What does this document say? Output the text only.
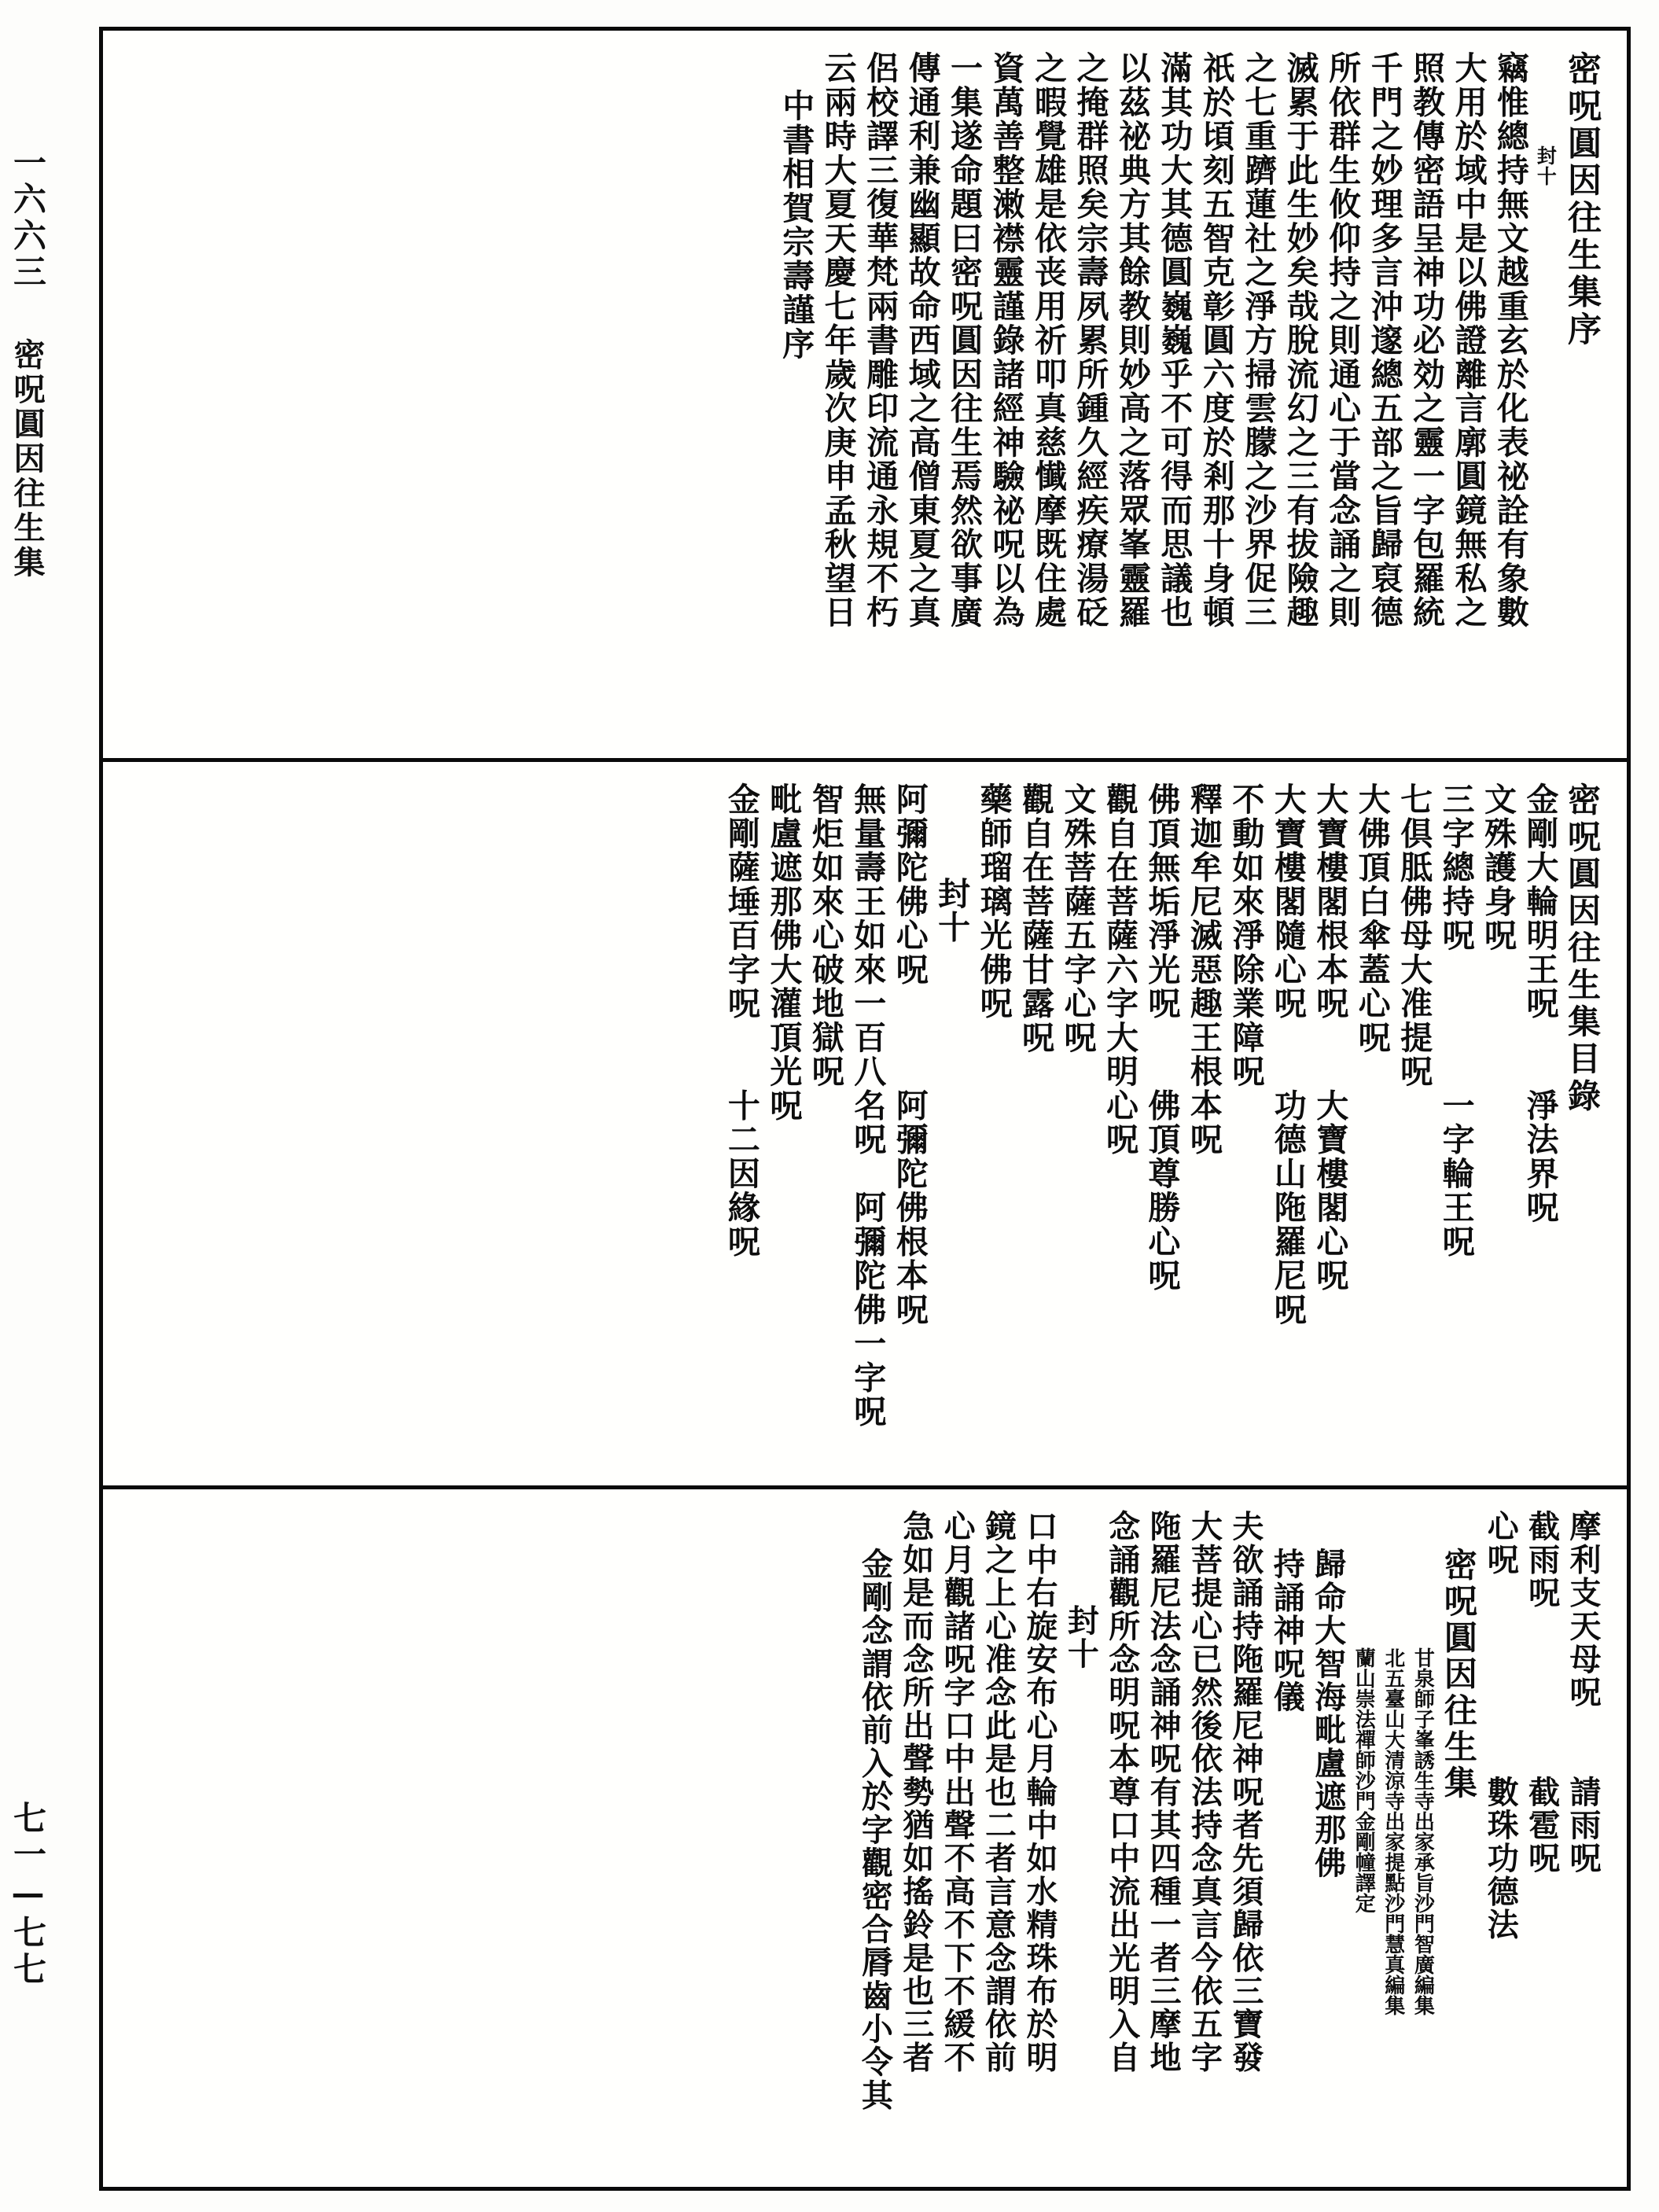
一六六三
密呪圓因往生集
七一—七七
密呪圓因往生集序
封十
竊惟總持無文越重玄於化表祕詮有象數
大用於域中是以佛證離言廓圓鏡無私之
照教傳密語呈神功必効之靈一字包羅統
千門之妙理多言沖邃總五部之旨歸裒德
所依群生攸仰持之則通心于當念誦之則
滅累于此生妙矣哉脫流幻之三有拔險趣
之七重躋蓮社之淨方掃雲朦之沙界促三
祇於頃刻五智克彰圓六度於剎那十身頓
滿其功大其德圓巍巍乎不可得而思議也
以茲祕典方其餘教則妙高之落眾峯靈羅
之掩群照矣宗壽夙累所鍾久經疾療湯砭
之暇覺雄是依丧用祈叩真慈懴摩既住處
資萬善整潄襟靈謹錄諸經神驗祕呪以為
一集遂命題曰密呪圓因往生焉然欲事廣
傳通利兼幽顯故命西域之高僧東夏之真
侶校譯三復華梵兩書雕印流通永規不朽
云兩時大夏天慶七年歲次庚申孟秋望日
中書相賀宗壽謹序
密呪圓因往生集目錄
金剛大輪明王呪　　淨法界呪
文殊護身呪
三字總持呪　　　　一字輪王呪
七倶胝佛母大准提呪
大佛頂白傘蓋心呪
大寶樓閣根本呪　　大寶樓閣心呪
大寶樓閣隨心呪　　功德山陁羅尼呪
不動如來淨除業障呪
釋迦牟尼滅惡趣王根本呪
佛頂無垢淨光呪　　佛頂尊勝心呪
觀自在菩薩六字大明心呪
文殊菩薩五字心呪
觀自在菩薩甘露呪
藥師瑠璃光佛呪
封十
阿彌陀佛心呪　　　阿彌陀佛根本呪
無量壽王如來一百八名呪　阿彌陀佛一字呪
智炬如來心破地獄呪
毗盧遮那佛大灌頂光呪
金剛薩埵百字呪　　十二因緣呪
摩利支天母呪　　請雨呪
截雨呪　　　　　截雹呪
心呪　　　　　　數珠功德法
密呪圓因往生集
甘泉師子峯誘生寺出家承旨沙門智廣編集
北五臺山大清涼寺出家提點沙門慧真編集
蘭山崇法禪師沙門金剛幢譯定
歸命大智海毗盧遮那佛
持誦神呪儀
夫欲誦持陁羅尼神呪者先須歸依三寶發
大菩提心已然後依法持念真言今依五字
陁羅尼法念誦神呪有其四種一者三摩地
念誦觀所念明呪本尊口中流出光明入自
封十
口中右旋安布心月輪中如水精珠布於明
鏡之上心准念此是也二者言意念謂依前
心月觀諸呪字口中出聲不高不下不緩不
急如是而念所出聲勢猶如搖鈴是也三者
金剛念謂依前入於字觀密合脣齒小令其
